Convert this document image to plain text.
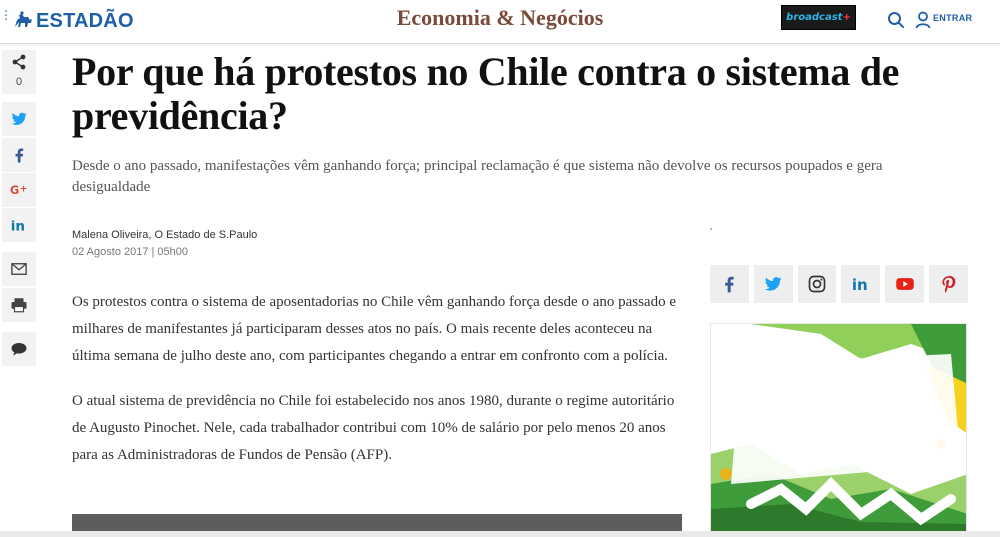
⋮ ESTADÃO	Economia & Negócios	broadcast+	ENTRAR
0
G +
in
Por que há protestos no Chile contra o sistema de previdência?

Desde o ano passado, manifestações vêm ganhando força; principal reclamação é que sistema não devolve os recursos poupados e gera desigualdade

Malena Oliveira, O Estado de S.Paulo
02 Agosto 2017 | 05h00

Os protestos contra o sistema de aposentadorias no Chile vêm ganhando força desde o ano passado e milhares de manifestantes já participaram desses atos no país. O mais recente deles aconteceu na última semana de julho deste ano, com participantes chegando a entrar em confronto com a polícia.

O atual sistema de previdência no Chile foi estabelecido nos anos 1980, durante o regime autoritário de Augusto Pinochet. Nele, cada trabalhador contribui com 10% de salário por pelo menos 20 anos para as Administradoras de Fundos de Pensão (AFP).

in
